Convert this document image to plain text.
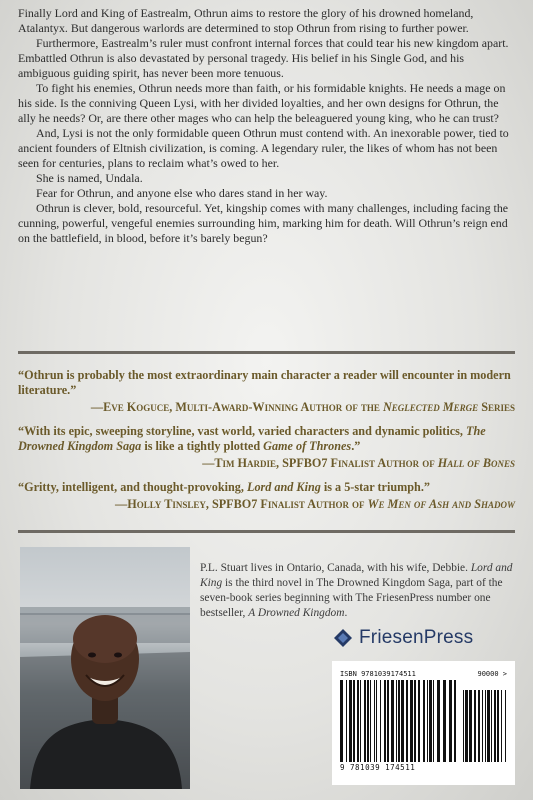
Finally Lord and King of Eastrealm, Othrun aims to restore the glory of his drowned homeland, Atalantyx. But dangerous warlords are determined to stop Othrun from rising to further power.

Furthermore, Eastrealm’s ruler must confront internal forces that could tear his new kingdom apart. Embattled Othrun is also devastated by personal tragedy. His belief in his Single God, and his ambiguous guiding spirit, has never been more tenuous.

To fight his enemies, Othrun needs more than faith, or his formidable knights. He needs a mage on his side. Is the conniving Queen Lysi, with her divided loyalties, and her own designs for Othrun, the ally he needs? Or, are there other mages who can help the beleaguered young king, who he can trust?

And, Lysi is not the only formidable queen Othrun must contend with. An inexorable power, tied to ancient founders of Eltnish civilization, is coming. A legendary ruler, the likes of whom has not been seen for centuries, plans to reclaim what’s owed to her.

She is named, Undala.

Fear for Othrun, and anyone else who dares stand in her way.

Othrun is clever, bold, resourceful. Yet, kingship comes with many challenges, including facing the cunning, powerful, vengeful enemies surrounding him, marking him for death. Will Othrun’s reign end on the battlefield, in blood, before it’s barely begun?

“Othrun is probably the most extraordinary main character a reader will encounter in modern literature.”

—Eve Koguce, Multi-Award-Winning Author of the Neglected Merge Series

“With its epic, sweeping storyline, vast world, varied characters and dynamic politics, The Drowned Kingdom Saga is like a tightly plotted Game of Thrones.”

—Tim Hardie, SPFBO7 Finalist Author of Hall of Bones

“Gritty, intelligent, and thought-provoking, Lord and King is a 5-star triumph.”

—Holly Tinsley, SPFBO7 Finalist Author of We Men of Ash and Shadow

P.L. Stuart lives in Ontario, Canada, with his wife, Debbie. Lord and King is the third novel in The Drowned Kingdom Saga, part of the seven-book series beginning with The FriesenPress number one bestseller, A Drowned Kingdom.

FriesenPress
ISBN 9781039174511	90000 >
9 781039 174511
